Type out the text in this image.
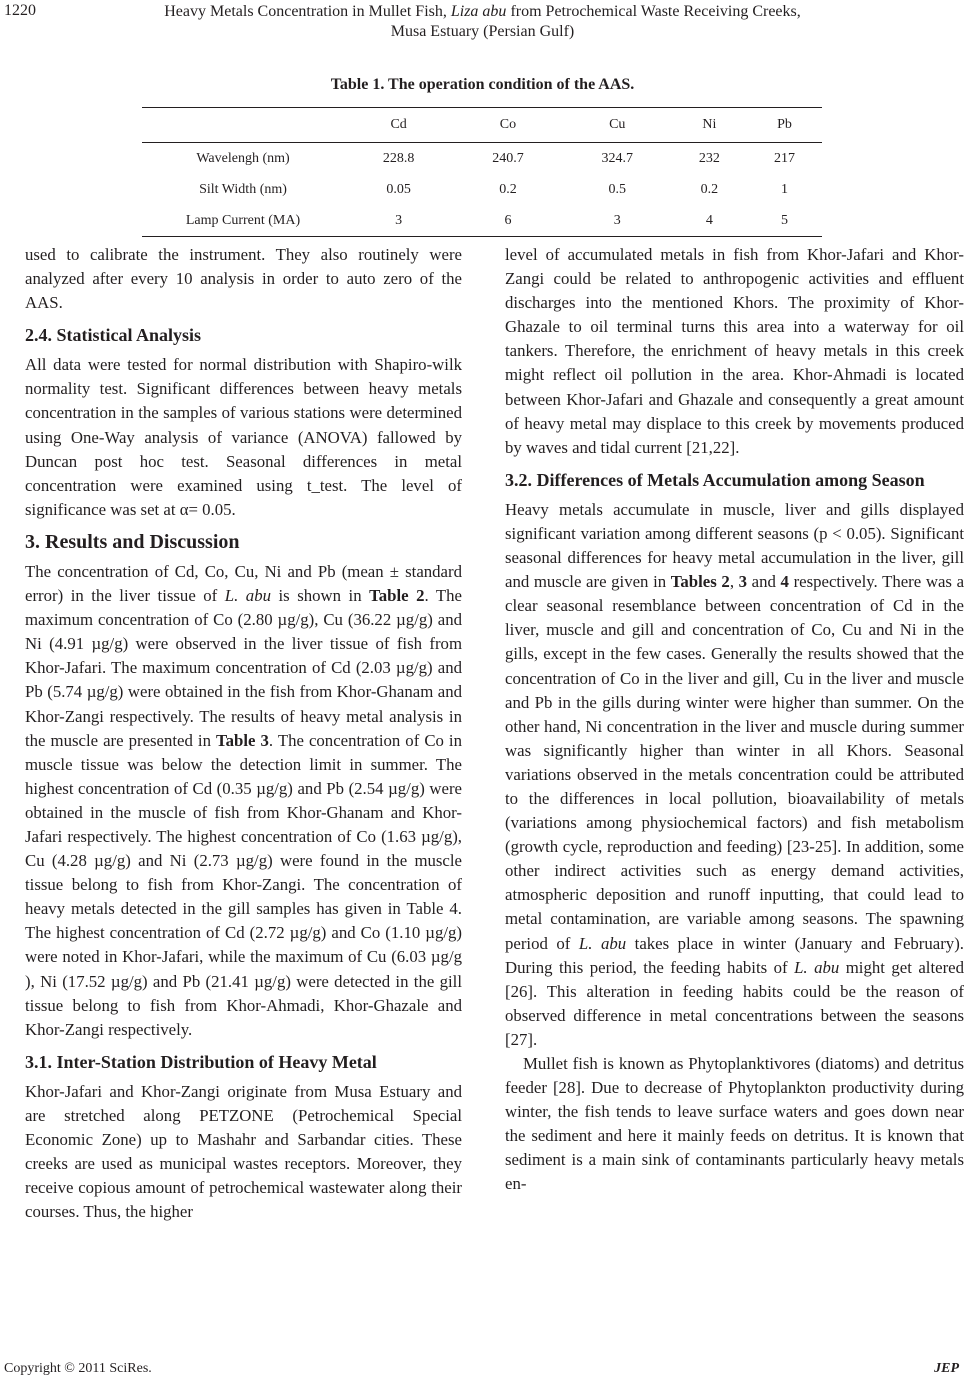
1220	Heavy Metals Concentration in Mullet Fish, Liza abu from Petrochemical Waste Receiving Creeks,
Musa Estuary (Persian Gulf)
Table 1. The operation condition of the AAS.
	Cd	Co	Cu	Ni	Pb
Wavelengh (nm)	228.8	240.7	324.7	232	217
Silt Width (nm)	0.05	0.2	0.5	0.2	1
Lamp Current (MA)	3	6	3	4	5

used to calibrate the instrument. They also routinely were analyzed after every 10 analysis in order to auto zero of the AAS.

2.4. Statistical Analysis

All data were tested for normal distribution with Shapiro-wilk normality test. Significant differences between heavy metals concentration in the samples of various stations were determined using One-Way analysis of variance (ANOVA) fallowed by Duncan post hoc test. Seasonal differences in metal concentration were examined using t_test. The level of significance was set at α= 0.05.

3. Results and Discussion

The concentration of Cd, Co, Cu, Ni and Pb (mean ± standard error) in the liver tissue of L. abu is shown in Table 2. The maximum concentration of Co (2.80 µg/g), Cu (36.22 µg/g) and Ni (4.91 µg/g) were observed in the liver tissue of fish from Khor-Jafari. The maximum concentration of Cd (2.03 µg/g) and Pb (5.74 µg/g) were obtained in the fish from Khor-Ghanam and Khor-Zangi respectively. The results of heavy metal analysis in the muscle are presented in Table 3. The concentration of Co in muscle tissue was below the detection limit in summer. The highest concentration of Cd (0.35 µg/g) and Pb (2.54 µg/g) were obtained in the muscle of fish from Khor-Ghanam and Khor-Jafari respectively. The highest concentration of Co (1.63 µg/g), Cu (4.28 µg/g) and Ni (2.73 µg/g) were found in the muscle tissue belong to fish from Khor-Zangi. The concentration of heavy metals detected in the gill samples has given in Table 4. The highest concentration of Cd (2.72 µg/g) and Co (1.10 µg/g) were noted in Khor-Jafari, while the maximum of Cu (6.03 µg/g ), Ni (17.52 µg/g) and Pb (21.41 µg/g) were detected in the gill tissue belong to fish from Khor-Ahmadi, Khor-Ghazale and Khor-Zangi respectively.

3.1. Inter-Station Distribution of Heavy Metal

Khor-Jafari and Khor-Zangi originate from Musa Estuary and are stretched along PETZONE (Petrochemical Special Economic Zone) up to Mashahr and Sarbandar cities. These creeks are used as municipal wastes receptors. Moreover, they receive copious amount of petrochemical wastewater along their courses. Thus, the higher

level of accumulated metals in fish from Khor-Jafari and Khor-Zangi could be related to anthropogenic activities and effluent discharges into the mentioned Khors. The proximity of Khor-Ghazale to oil terminal turns this area into a waterway for oil tankers. Therefore, the enrichment of heavy metals in this creek might reflect oil pollution in the area. Khor-Ahmadi is located between Khor-Jafari and Ghazale and consequently a great amount of heavy metal may displace to this creek by movements produced by waves and tidal current [21,22].

3.2. Differences of Metals Accumulation among Season

Heavy metals accumulate in muscle, liver and gills displayed significant variation among different seasons (p < 0.05). Significant seasonal differences for heavy metal accumulation in the liver, gill and muscle are given in Tables 2, 3 and 4 respectively. There was a clear seasonal resemblance between concentration of Cd in the liver, muscle and gill and concentration of Co, Cu and Ni in the gills, except in the few cases. Generally the results showed that the concentration of Co in the liver and gill, Cu in the liver and muscle and Pb in the gills during winter were higher than summer. On the other hand, Ni concentration in the liver and muscle during summer was significantly higher than winter in all Khors. Seasonal variations observed in the metals concentration could be attributed to the differences in local pollution, bioavailability of metals (variations among physiochemical factors) and fish metabolism (growth cycle, reproduction and feeding) [23-25]. In addition, some other indirect activities such as energy demand activities, atmospheric deposition and runoff inputting, that could lead to metal contamination, are variable among seasons. The spawning period of L. abu takes place in winter (January and February). During this period, the feeding habits of L. abu might get altered [26]. This alteration in feeding habits could be the reason of observed difference in metal concentrations between the seasons [27].

Mullet fish is known as Phytoplanktivores (diatoms) and detritus feeder [28]. Due to decrease of Phytoplankton productivity during winter, the fish tends to leave surface waters and goes down near the sediment and here it mainly feeds on detritus. It is known that sediment is a main sink of contaminants particularly heavy metals en-

Copyright © 2011 SciRes.	JEP
